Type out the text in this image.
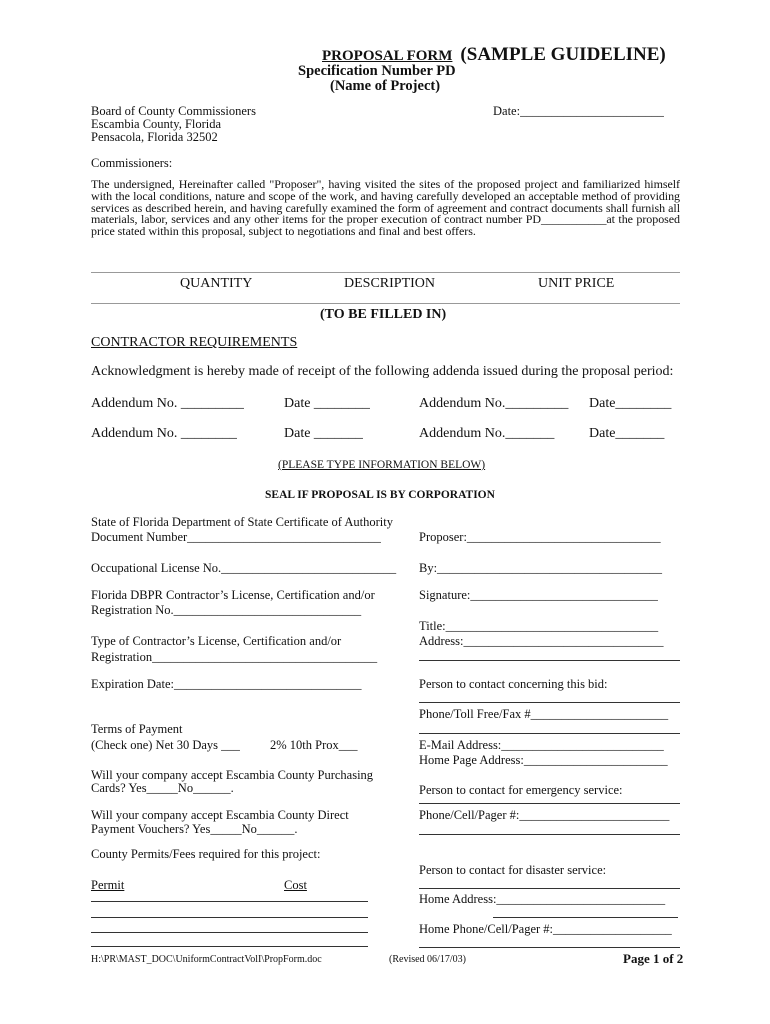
PROPOSAL FORM (SAMPLE GUIDELINE)
Specification Number PD
(Name of Project)
Board of County Commissioners
Escambia County, Florida
Pensacola, Florida 32502
Date:_______________________
Commissioners:
The undersigned, Hereinafter called "Proposer", having visited the sites of the proposed project and familiarized himself with the local conditions, nature and scope of the work, and having carefully developed an acceptable method of providing services as described herein, and having carefully examined the form of agreement and contract documents shall furnish all materials, labor, services and any other items for the proper execution of contract number PD___________at the proposed price stated within this proposal, subject to negotiations and final and best offers.
QUANTITY	DESCRIPTION	UNIT PRICE
(TO BE FILLED IN)
CONTRACTOR REQUIREMENTS
Acknowledgment is hereby made of receipt of the following addenda issued during the proposal period:
Addendum No. _________	Date ________	Addendum No._________ Date________
Addendum No. ________	Date _______	Addendum No._______ Date_______
(PLEASE TYPE INFORMATION BELOW)
SEAL IF PROPOSAL IS BY CORPORATION
State of Florida Department of State Certificate of Authority
Document Number_______________________________
Occupational License No.____________________________
Florida DBPR Contractor’s License, Certification and/or
Registration No.______________________________
Type of Contractor’s License, Certification and/or
Registration____________________________________
Expiration Date:______________________________
Terms of Payment
(Check one) Net 30 Days ___ 2% 10th Prox___
Will your company accept Escambia County Purchasing
Cards? Yes_____No______.
Will your company accept Escambia County Direct
Payment Vouchers? Yes_____No______.
County Permits/Fees required for this project:
Permit	Cost
Proposer:_______________________________
By:____________________________________
Signature:______________________________
Title:__________________________________
Address:________________________________
Person to contact concerning this bid:
Phone/Toll Free/Fax #______________________
E-Mail Address:__________________________
Home Page Address:_______________________
Person to contact for emergency service:
Phone/Cell/Pager #:________________________
Person to contact for disaster service:
Home Address:___________________________
Home Phone/Cell/Pager #:___________________
H:\PR\MAST_DOC\UniformContractVolI\PropForm.doc	(Revised 06/17/03)	Page 1 of 2
